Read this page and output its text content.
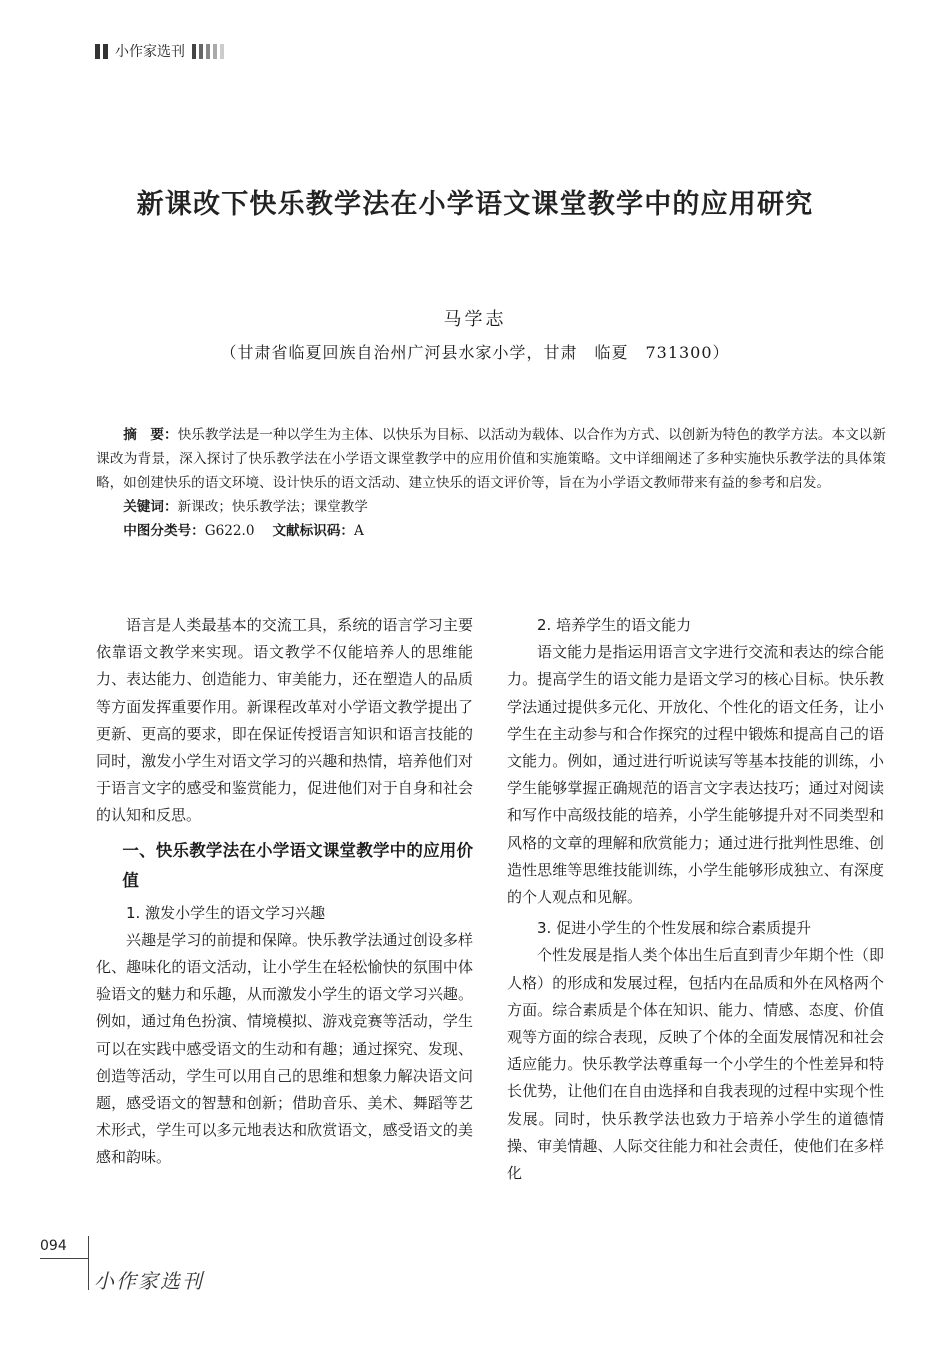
小作家选刊
新课改下快乐教学法在小学语文课堂教学中的应用研究
马学志
（甘肃省临夏回族自治州广河县水家小学，甘肃　临夏　731300）

摘　要：快乐教学法是一种以学生为主体、以快乐为目标、以活动为载体、以合作为方式、以创新为特色的教学方法。本文以新课改为背景，深入探讨了快乐教学法在小学语文课堂教学中的应用价值和实施策略。文中详细阐述了多种实施快乐教学法的具体策略，如创建快乐的语文环境、设计快乐的语文活动、建立快乐的语文评价等，旨在为小学语文教师带来有益的参考和启发。

关键词：新课改；快乐教学法；课堂教学

中图分类号：G622.0　 文献标识码：A

语言是人类最基本的交流工具，系统的语言学习主要依靠语文教学来实现。语文教学不仅能培养人的思维能力、表达能力、创造能力、审美能力，还在塑造人的品质等方面发挥重要作用。新课程改革对小学语文教学提出了更新、更高的要求，即在保证传授语言知识和语言技能的同时，激发小学生对语文学习的兴趣和热情，培养他们对于语言文字的感受和鉴赏能力，促进他们对于自身和社会的认知和反思。

一、快乐教学法在小学语文课堂教学中的应用价值
1. 激发小学生的语文学习兴趣

兴趣是学习的前提和保障。快乐教学法通过创设多样化、趣味化的语文活动，让小学生在轻松愉快的氛围中体验语文的魅力和乐趣，从而激发小学生的语文学习兴趣。例如，通过角色扮演、情境模拟、游戏竞赛等活动，学生可以在实践中感受语文的生动和有趣；通过探究、发现、创造等活动，学生可以用自己的思维和想象力解决语文问题，感受语文的智慧和创新；借助音乐、美术、舞蹈等艺术形式，学生可以多元地表达和欣赏语文，感受语文的美感和韵味。

2. 培养学生的语文能力

语文能力是指运用语言文字进行交流和表达的综合能力。提高学生的语文能力是语文学习的核心目标。快乐教学法通过提供多元化、开放化、个性化的语文任务，让小学生在主动参与和合作探究的过程中锻炼和提高自己的语文能力。例如，通过进行听说读写等基本技能的训练，小学生能够掌握正确规范的语言文字表达技巧；通过对阅读和写作中高级技能的培养，小学生能够提升对不同类型和风格的文章的理解和欣赏能力；通过进行批判性思维、创造性思维等思维技能训练，小学生能够形成独立、有深度的个人观点和见解。

3. 促进小学生的个性发展和综合素质提升

个性发展是指人类个体出生后直到青少年期个性（即人格）的形成和发展过程，包括内在品质和外在风格两个方面。综合素质是个体在知识、能力、情感、态度、价值观等方面的综合表现，反映了个体的全面发展情况和社会适应能力。快乐教学法尊重每一个小学生的个性差异和特长优势，让他们在自由选择和自我表现的过程中实现个性发展。同时，快乐教学法也致力于培养小学生的道德情操、审美情趣、人际交往能力和社会责任，使他们在多样化

094
小作家选刊
